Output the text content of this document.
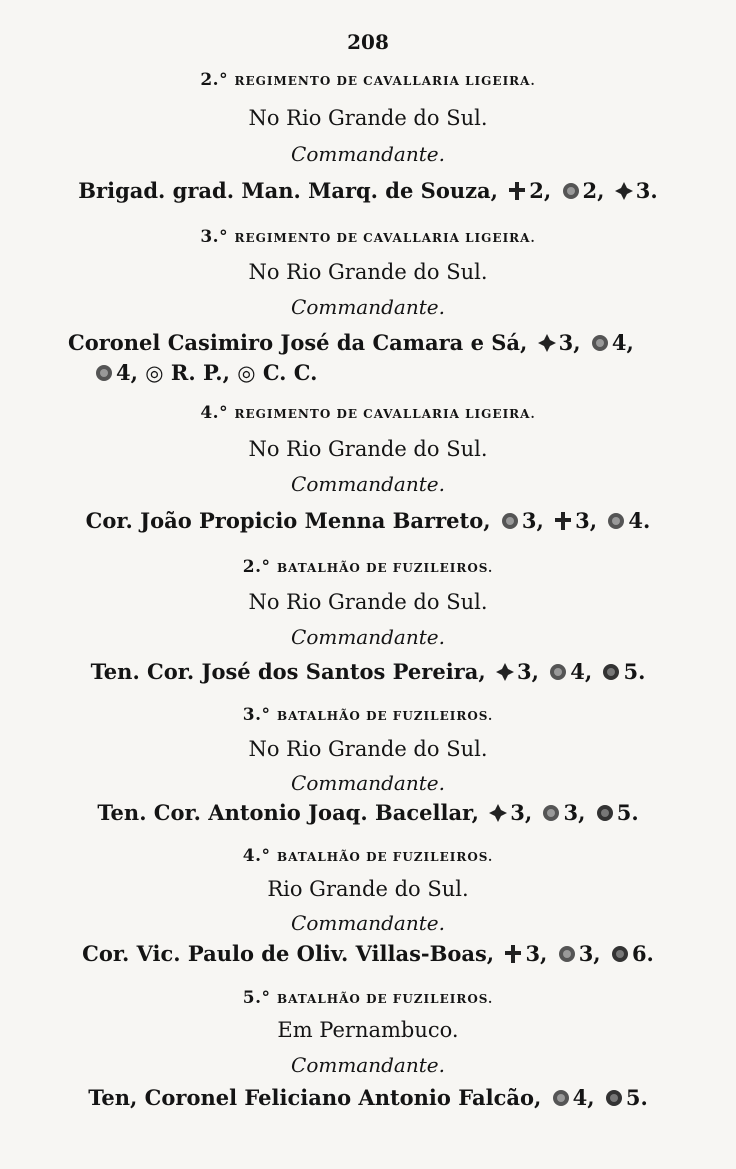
208
2.° REGIMENTO DE CAVALLARIA LIGEIRA.
No Rio Grande do Sul.
Commandante.
Brigad. grad. Man. Marq. de Souza, 2, 2, 3.
3.° REGIMENTO DE CAVALLARIA LIGEIRA.
No Rio Grande do Sul.
Commandante.
Coronel Casimiro José da Camara e Sá, 3, 4,
4, ◎ R. P., ◎ C. C.
4.° REGIMENTO DE CAVALLARIA LIGEIRA.
No Rio Grande do Sul.
Commandante.
Cor. João Propicio Menna Barreto, 3, 3, 4.
2.° BATALHÃO DE FUZILEIROS.
No Rio Grande do Sul.
Commandante.
Ten. Cor. José dos Santos Pereira, 3, 4, 5.
3.° BATALHÃO DE FUZILEIROS.
No Rio Grande do Sul.
Commandante.
Ten. Cor. Antonio Joaq. Bacellar, 3, 3, 5.
4.° BATALHÃO DE FUZILEIROS.
Rio Grande do Sul.
Commandante.
Cor. Vic. Paulo de Oliv. Villas-Boas, 3, 3, 6.
5.° BATALHÃO DE FUZILEIROS.
Em Pernambuco.
Commandante.
Ten, Coronel Feliciano Antonio Falcão, 4, 5.
